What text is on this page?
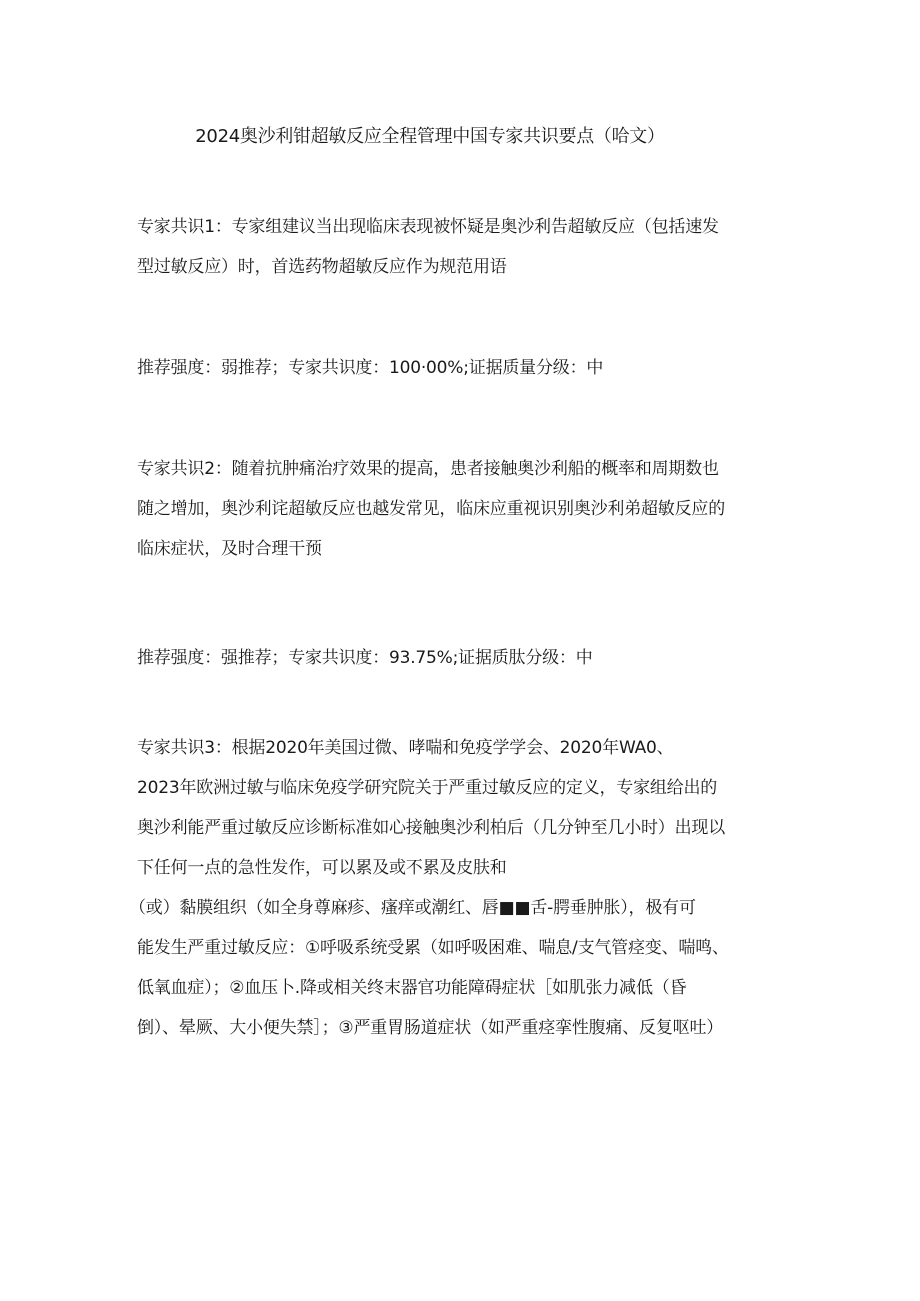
2024奥沙利钳超敏反应全程管理中国专家共识要点（哈文）
专家共识1：专家组建议当出现临床表现被怀疑是奥沙利告超敏反应（包括速发
型过敏反应）时，首选药物超敏反应作为规范用语
推荐强度：弱推荐；专家共识度：100·00%;证据质量分级：中
专家共识2：随着抗肿痛治疗效果的提高，患者接触奥沙利船的概率和周期数也
随之增加，奥沙利诧超敏反应也越发常见，临床应重视识别奥沙利弟超敏反应的
临床症状，及时合理干预
推荐强度：强推荐；专家共识度：93.75%;证据质肽分级：中
专家共识3：根据2020年美国过微、哮喘和免疫学学会、2020年WA0、
2023年欧洲过敏与临床免疫学研究院关于严重过敏反应的定义，专家组给出的
奥沙利能严重过敏反应诊断标准如心接触奥沙利柏后（几分钟至几小时）出现以
下任何一点的急性发作，可以累及或不累及皮肤和
（或）黏膜组织（如全身尊麻疹、瘙痒或潮红、唇■■舌-腭垂肿胀），极有可
能发生严重过敏反应：①呼吸系统受累（如呼吸困难、喘息/支气管痉变、喘鸣、
低氧血症）；②血压卜.降或相关终末器官功能障碍症状［如肌张力减低（昏
倒）、晕厥、大小便失禁］；③严重胃肠道症状（如严重痉挛性腹痛、反复呕吐）
